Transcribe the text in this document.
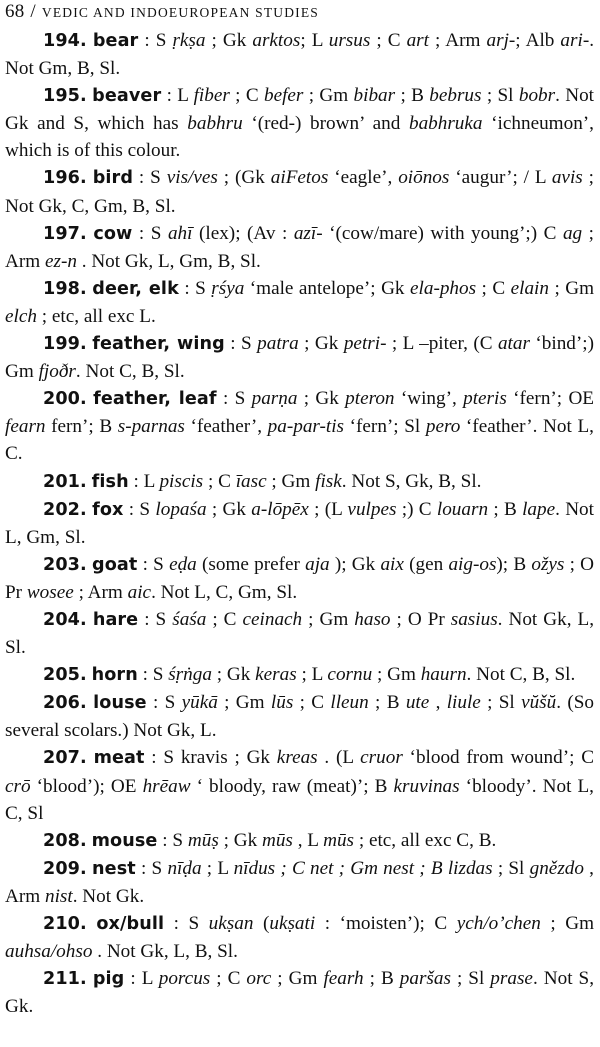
68 / VEDIC AND INDOEUROPEAN STUDIES

194. bear : S ṛkṣa ; Gk arktos; L ursus ; C art ; Arm arj-; Alb ari-. Not Gm, B, Sl.

195. beaver : L fiber ; C befer ; Gm bibar ; B bebrus ; Sl bobr. Not Gk and S, which has babhru ‘(red-) brown’ and babhruka ‘ichneumon’, which is of this colour.

196. bird : S vis/ves ; (Gk aiFetos ‘eagle’, oiōnos ‘augur’; / L avis ; Not Gk, C, Gm, B, Sl.

197. cow : S ahī (lex); (Av : azī- ‘(cow/mare) with young’;) C ag ; Arm ez-n . Not Gk, L, Gm, B, Sl.

198. deer, elk : S ṛśya ‘male antelope’; Gk ela-phos ; C elain ; Gm elch ; etc, all exc L.

199. feather, wing : S patra ; Gk petri- ; L –piter, (C atar ‘bind’;) Gm fjoðr. Not C, B, Sl.

200. feather, leaf : S parṇa ; Gk pteron ‘wing’, pteris ‘fern’; OE fearn fern’; B s-parnas ‘feather’, pa-par-tis ‘fern’; Sl pero ‘feather’. Not L, C.

201. fish : L piscis ; C īasc ; Gm fisk. Not S, Gk, B, Sl.

202. fox : S lopaśa ; Gk a-lōpēx ; (L vulpes ;) C louarn ; B lape. Not L, Gm, Sl.

203. goat : S eḍa (some prefer aja ); Gk aix (gen aig-os); B ožys ; O Pr wosee ; Arm aic. Not L, C, Gm, Sl.

204. hare : S śaśa ; C ceinach ; Gm haso ; O Pr sasius. Not Gk, L, Sl.

205. horn : S śṛṅga ; Gk keras ; L cornu ; Gm haurn. Not C, B, Sl.

206. louse : S yūkā ; Gm lūs ; C lleun ; B ute , liule ; Sl vŭšŭ. (So several scolars.) Not Gk, L.

207. meat : S kravis ; Gk kreas . (L cruor ‘blood from wound’; C crō ‘blood’); OE hrēaw ‘ bloody, raw (meat)’; B kruvinas ‘bloody’. Not L, C, Sl

208. mouse : S mūṣ ; Gk mūs , L mūs ; etc, all exc C, B.

209. nest : S nīḍa ; L nīdus ; C net ; Gm nest ; B lizdas ; Sl gnězdo , Arm nist. Not Gk.

210. ox/bull : S ukṣan (ukṣati : ‘moisten’); C ych/o’chen ; Gm auhsa/ohso . Not Gk, L, B, Sl.

211. pig : L porcus ; C orc ; Gm fearh ; B paršas ; Sl prase. Not S, Gk.
